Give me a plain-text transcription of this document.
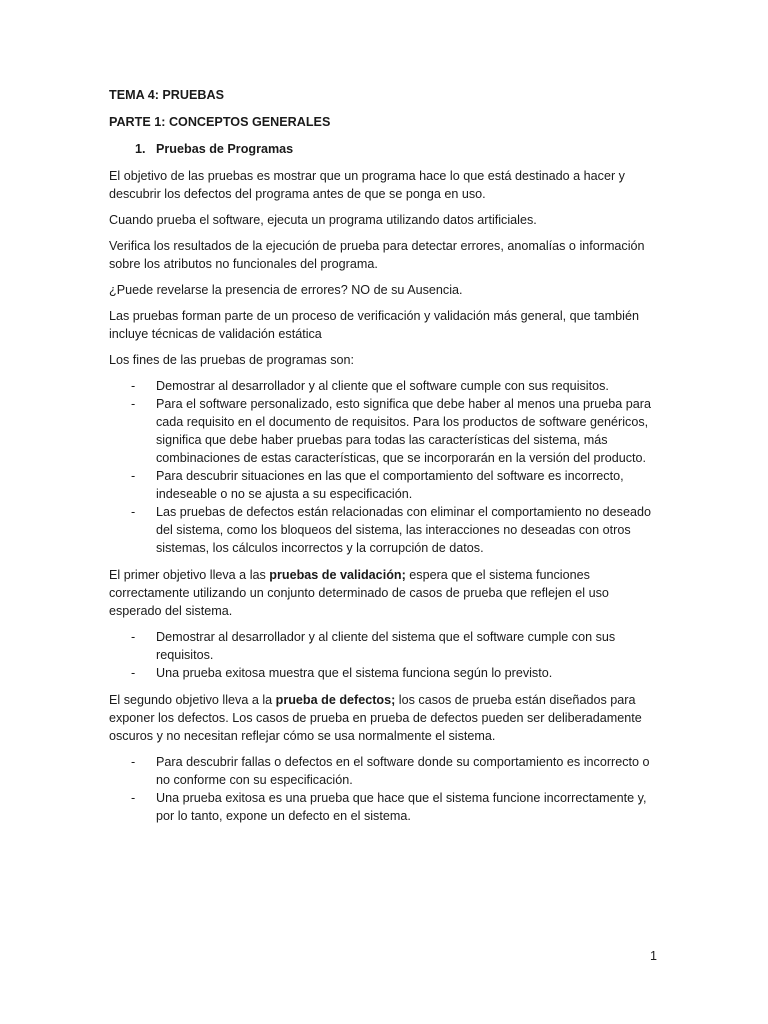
TEMA 4: PRUEBAS

PARTE 1: CONCEPTOS GENERALES

1. Pruebas de Programas

El objetivo de las pruebas es mostrar que un programa hace lo que está destinado a hacer y descubrir los defectos del programa antes de que se ponga en uso.

Cuando prueba el software, ejecuta un programa utilizando datos artificiales.

Verifica los resultados de la ejecución de prueba para detectar errores, anomalías o información sobre los atributos no funcionales del programa.

¿Puede revelarse la presencia de errores? NO de su Ausencia.

Las pruebas forman parte de un proceso de verificación y validación más general, que también incluye técnicas de validación estática

Los fines de las pruebas de programas son:

-	Demostrar al desarrollador y al cliente que el software cumple con sus requisitos.
-	Para el software personalizado, esto significa que debe haber al menos una prueba para cada requisito en el documento de requisitos. Para los productos de software genéricos, significa que debe haber pruebas para todas las características del sistema, más combinaciones de estas características, que se incorporarán en la versión del producto.
-	Para descubrir situaciones en las que el comportamiento del software es incorrecto, indeseable o no se ajusta a su especificación.
-	Las pruebas de defectos están relacionadas con eliminar el comportamiento no deseado del sistema, como los bloqueos del sistema, las interacciones no deseadas con otros sistemas, los cálculos incorrectos y la corrupción de datos.

El primer objetivo lleva a las pruebas de validación; espera que el sistema funciones correctamente utilizando un conjunto determinado de casos de prueba que reflejen el uso esperado del sistema.

-	Demostrar al desarrollador y al cliente del sistema que el software cumple con sus requisitos.
-	Una prueba exitosa muestra que el sistema funciona según lo previsto.

El segundo objetivo lleva a la prueba de defectos; los casos de prueba están diseñados para exponer los defectos. Los casos de prueba en prueba de defectos pueden ser deliberadamente oscuros y no necesitan reflejar cómo se usa normalmente el sistema.

-	Para descubrir fallas o defectos en el software donde su comportamiento es incorrecto o no conforme con su especificación.
-	Una prueba exitosa es una prueba que hace que el sistema funcione incorrectamente y, por lo tanto, expone un defecto en el sistema.
1
